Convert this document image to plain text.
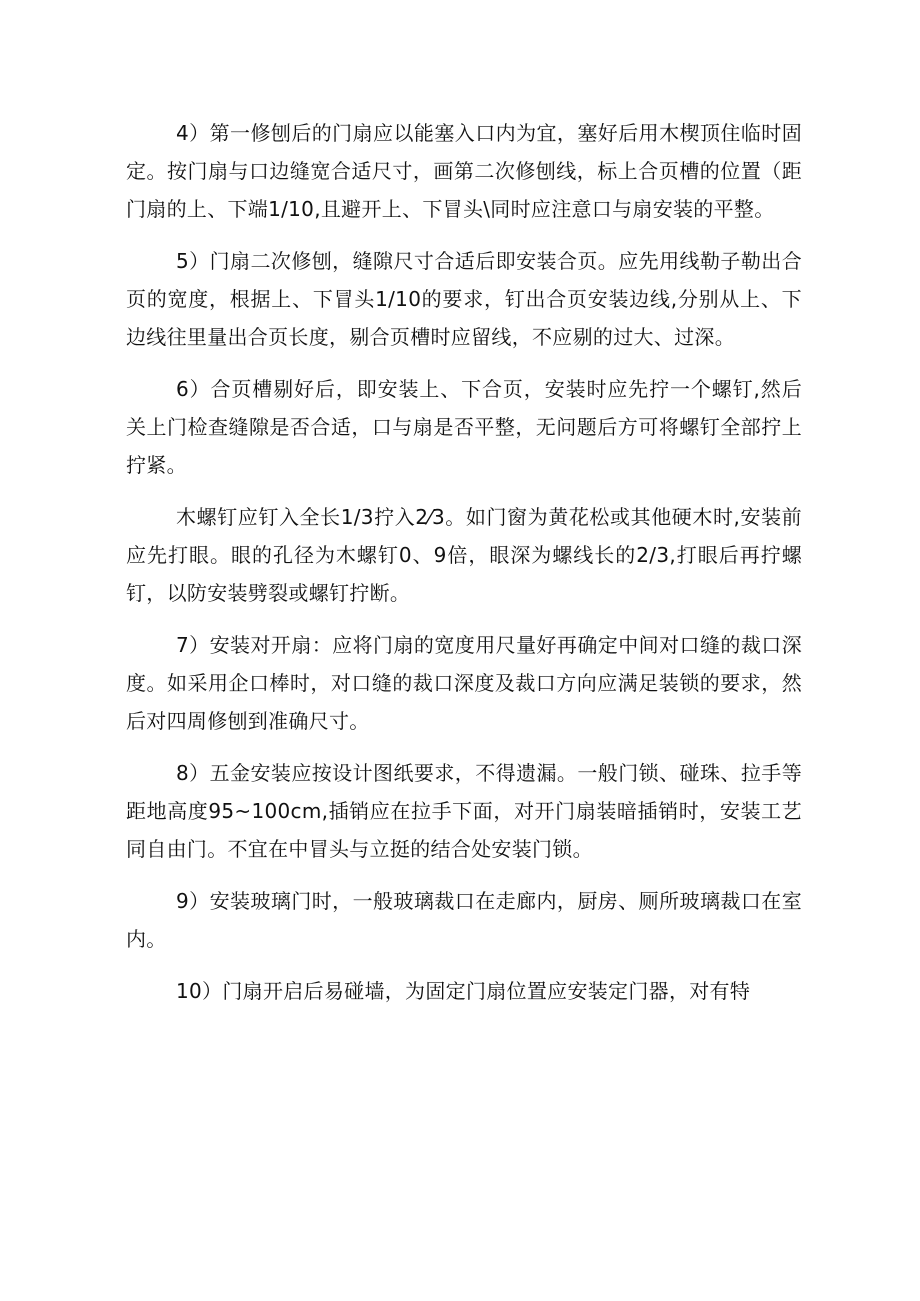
4）第一修刨后的门扇应以能塞入口内为宜，塞好后用木楔顶住临时固定。按门扇与口边缝宽合适尺寸，画第二次修刨线，标上合页槽的位置（距门扇的上、下端1/10,且避开上、下冒头\同时应注意口与扇安装的平整。

5）门扇二次修刨，缝隙尺寸合适后即安装合页。应先用线勒子勒出合页的宽度，根据上、下冒头1/10的要求，钉出合页安装边线,分别从上、下边线往里量出合页长度，剔合页槽时应留线，不应剔的过大、过深。

6）合页槽剔好后，即安装上、下合页，安装时应先拧一个螺钉,然后关上门检查缝隙是否合适，口与扇是否平整，无问题后方可将螺钉全部拧上拧紧。

木螺钉应钉入全长1/3拧入2⁄3。如门窗为黄花松或其他硬木时,安装前应先打眼。眼的孔径为木螺钉0、9倍，眼深为螺线长的2/3,打眼后再拧螺钉，以防安装劈裂或螺钉拧断。

7）安装对开扇：应将门扇的宽度用尺量好再确定中间对口缝的裁口深度。如采用企口棒时，对口缝的裁口深度及裁口方向应满足装锁的要求，然后对四周修刨到准确尺寸。

8）五金安装应按设计图纸要求，不得遗漏。一般门锁、碰珠、拉手等距地高度95~100cm,插销应在拉手下面，对开门扇装暗插销时，安装工艺同自由门。不宜在中冒头与立挺的结合处安装门锁。

9）安装玻璃门时，一般玻璃裁口在走廊内，厨房、厕所玻璃裁口在室内。

10）门扇开启后易碰墙，为固定门扇位置应安装定门器，对有特
